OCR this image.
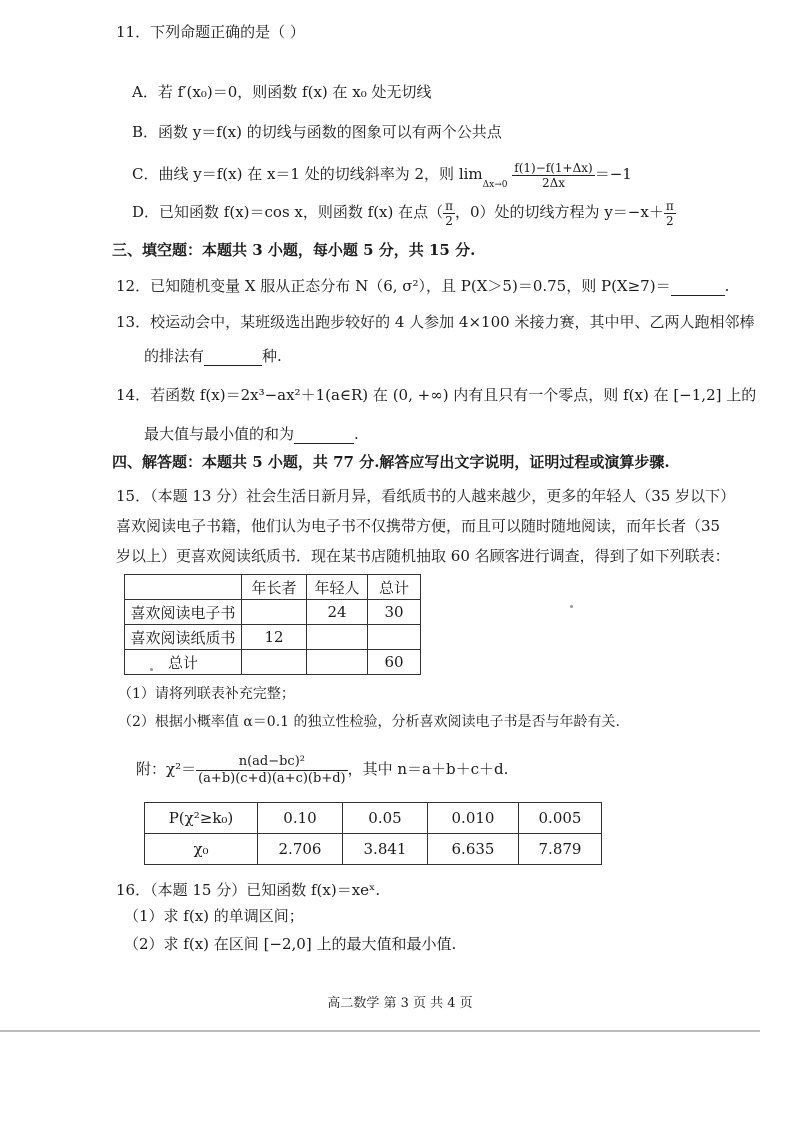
11．下列命题正确的是（ ）
A．若 f′(x₀)＝0，则函数 f(x) 在 x₀ 处无切线
B．函数 y＝f(x) 的切线与函数的图象可以有两个公共点
C．曲线 y＝f(x) 在 x＝1 处的切线斜率为 2，则 $\lim_{\Delta x\to 0} \frac{f(1)-f(1+\Delta x)}{2\Delta x} =-1$
D．已知函数 f(x)＝cos x，则函数 f(x) 在点（ $\frac{\pi}{2}$ ，0）处的切线方程为 $y=-x+ \frac{\pi}{2}$
三、填空题：本题共 3 小题，每小题 5 分，共 15 分.
12．已知随机变量 X 服从正态分布 N（6, σ²），且 P(X＞5)＝0.75，则 P(X≥7)＝	.
13．校运动会中，某班级选出跑步较好的 4 人参加 4×100 米接力赛，其中甲、乙两人跑相邻棒
的排法有	种.
14．若函数 f(x)＝2x³−ax²＋1(a∈R) 在 (0, +∞) 内有且只有一个零点，则 f(x) 在 [−1,2] 上的
最大值与最小值的和为	.
四、解答题：本题共 5 小题，共 77 分.解答应写出文字说明，证明过程或演算步骤.
15．（本题 13 分）社会生活日新月异，看纸质书的人越来越少，更多的年轻人（35 岁以下）
喜欢阅读电子书籍，他们认为电子书不仅携带方便，而且可以随时随地阅读，而年长者（35
岁以上）更喜欢阅读纸质书．现在某书店随机抽取 60 名顾客进行调查，得到了如下列联表：
	年长者	年轻人	总计
喜欢阅读电子书		24	30
喜欢阅读纸质书	12		
总计			60
（1）请将列联表补充完整；
（2）根据小概率值 α＝0.1 的独立性检验，分析喜欢阅读电子书是否与年龄有关.
附：$\chi^2= \frac{\text{n(ad−bc)²}}{(a+b)(c+d)(a+c)(b+d)}$ ，其中 n＝a＋b＋c＋d.
P(χ²≥k₀)	0.10	0.05	0.010	0.005
χ₀	2.706	3.841	6.635	7.879
16．（本题 15 分）已知函数 f(x)＝xeˣ.
（1）求 f(x) 的单调区间；
（2）求 f(x) 在区间 [−2,0] 上的最大值和最小值.
高二数学 第 3 页 共 4 页
